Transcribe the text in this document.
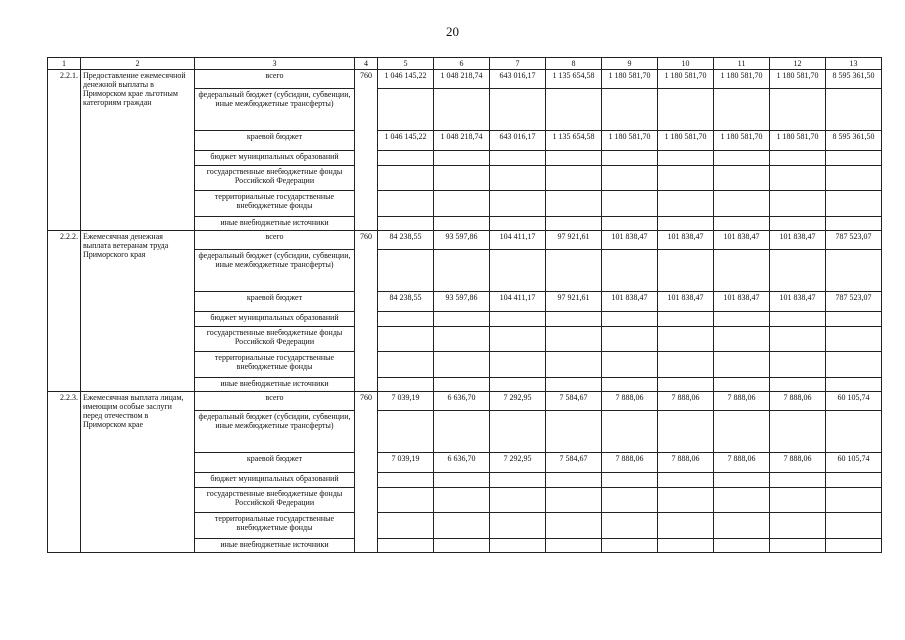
20
1	2	3	4	5	6	7	8	9	10	11	12	13
2.2.1.	Предоставление ежемесячной денежной выплаты в Приморском крае льготным категориям граждан	всего	760	1 046 145,22	1 048 218,74	643 016,17	1 135 654,58	1 180 581,70	1 180 581,70	1 180 581,70	1 180 581,70	8 595 361,50
		федеральный бюджет (субсидии, субвенции, иные межбюджетные трансферты)										
		краевой бюджет		1 046 145,22	1 048 218,74	643 016,17	1 135 654,58	1 180 581,70	1 180 581,70	1 180 581,70	1 180 581,70	8 595 361,50
		бюджет муниципальных образований										
		государственные внебюджетные фонды Российской Федерации										
		территориальные государственные внебюджетные фонды										
		иные внебюджетные источники										
2.2.2.	Ежемесячная денежная выплата ветеранам труда Приморского края	всего	760	84 238,55	93 597,86	104 411,17	97 921,61	101 838,47	101 838,47	101 838,47	101 838,47	787 523,07
		федеральный бюджет (субсидии, субвенции, иные межбюджетные трансферты)										
		краевой бюджет		84 238,55	93 597,86	104 411,17	97 921,61	101 838,47	101 838,47	101 838,47	101 838,47	787 523,07
		бюджет муниципальных образований										
		государственные внебюджетные фонды Российской Федерации										
		территориальные государственные внебюджетные фонды										
		иные внебюджетные источники										
2.2.3.	Ежемесячная выплата лицам, имеющим особые заслуги перед отечеством в Приморском крае	всего	760	7 039,19	6 636,70	7 292,95	7 584,67	7 888,06	7 888,06	7 888,06	7 888,06	60 105,74
		федеральный бюджет (субсидии, субвенции, иные межбюджетные трансферты)										
		краевой бюджет		7 039,19	6 636,70	7 292,95	7 584,67	7 888,06	7 888,06	7 888,06	7 888,06	60 105,74
		бюджет муниципальных образований										
		государственные внебюджетные фонды Российской Федерации										
		территориальные государственные внебюджетные фонды										
		иные внебюджетные источники										
